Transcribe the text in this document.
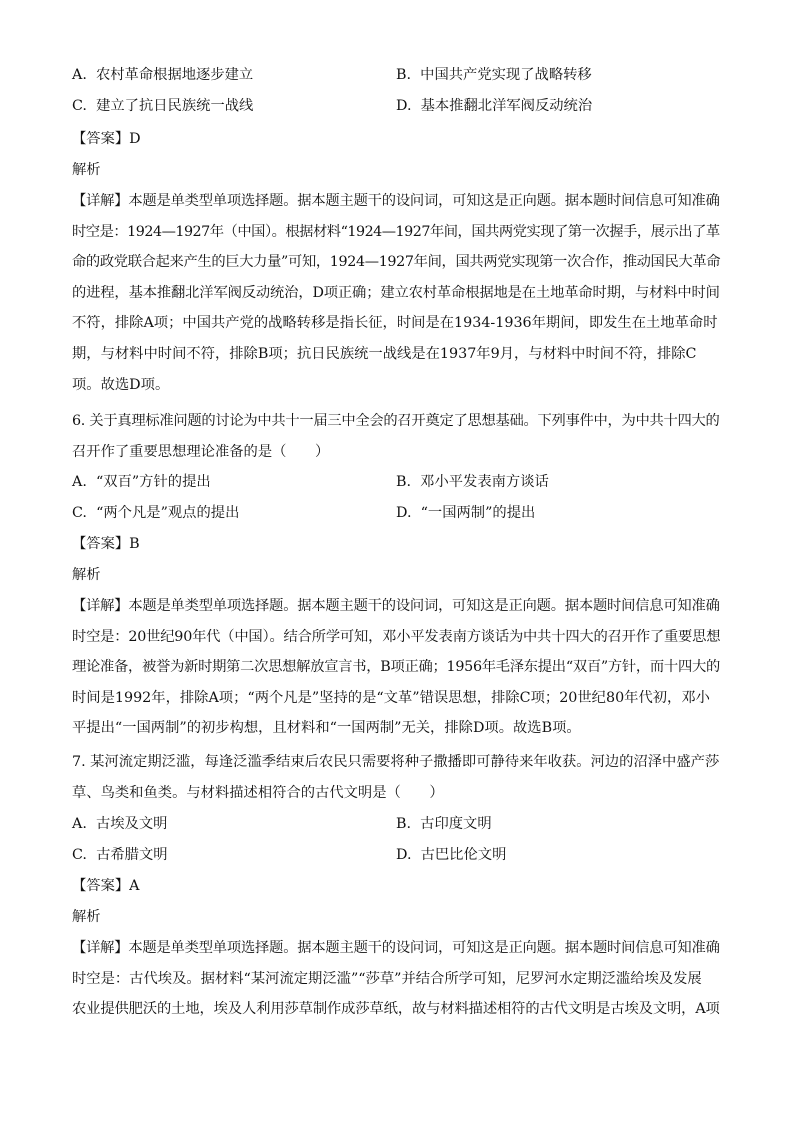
A. 农村革命根据地逐步建立	B. 中国共产党实现了战略转移
C. 建立了抗日民族统一战线	D. 基本推翻北洋军阀反动统治
【答案】D
解析
【详解】本题是单类型单项选择题。据本题主题干的设问词，可知这是正向题。据本题时间信息可知准确
时空是：1924—1927年（中国）。根据材料“1924—1927年间，国共两党实现了第一次握手，展示出了革
命的政党联合起来产生的巨大力量”可知，1924—1927年间，国共两党实现第一次合作，推动国民大革命
的进程，基本推翻北洋军阀反动统治，D项正确；建立农村革命根据地是在土地革命时期，与材料中时间
不符，排除A项；中国共产党的战略转移是指长征，时间是在1934-1936年期间，即发生在土地革命时
期，与材料中时间不符，排除B项；抗日民族统一战线是在1937年9月，与材料中时间不符，排除C
项。故选D项。
6. 关于真理标准问题的讨论为中共十一届三中全会的召开奠定了思想基础。下列事件中，为中共十四大的
召开作了重要思想理论准备的是（　　）
A. “双百”方针的提出	B. 邓小平发表南方谈话
C. “两个凡是”观点的提出	D. “一国两制”的提出
【答案】B
解析
【详解】本题是单类型单项选择题。据本题主题干的设问词，可知这是正向题。据本题时间信息可知准确
时空是：20世纪90年代（中国）。结合所学可知，邓小平发表南方谈话为中共十四大的召开作了重要思想
理论准备，被誉为新时期第二次思想解放宣言书，B项正确；1956年毛泽东提出“双百”方针，而十四大的
时间是1992年，排除A项；“两个凡是”坚持的是“文革”错误思想，排除C项；20世纪80年代初，邓小
平提出“一国两制”的初步构想，且材料和“一国两制”无关，排除D项。故选B项。
7. 某河流定期泛滥，每逢泛滥季结束后农民只需要将种子撒播即可静待来年收获。河边的沼泽中盛产莎
草、鸟类和鱼类。与材料描述相符合的古代文明是（　　）
A. 古埃及文明	B. 古印度文明
C. 古希腊文明	D. 古巴比伦文明
【答案】A
解析
【详解】本题是单类型单项选择题。据本题主题干的设问词，可知这是正向题。据本题时间信息可知准确
时空是：古代埃及。据材料“某河流定期泛滥”“莎草”并结合所学可知，尼罗河水定期泛滥给埃及发展
农业提供肥沃的土地，埃及人利用莎草制作成莎草纸，故与材料描述相符的古代文明是古埃及文明，A项
